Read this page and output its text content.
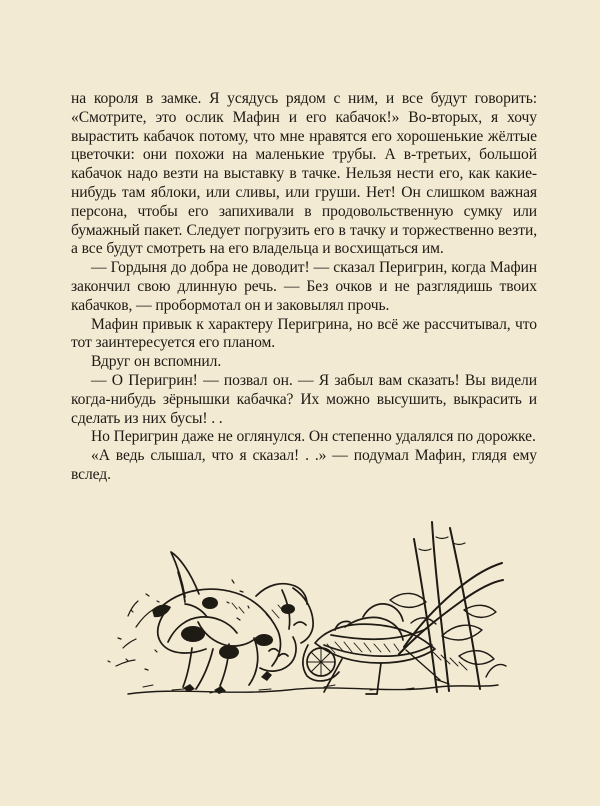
на короля в замке. Я усядусь рядом с ним, и все будут говорить: «Смотрите, это ослик Мафин и его кабачок!» Во-вторых, я хочу вырастить кабачок потому, что мне нравятся его хорошенькие жёлтые цветочки: они похожи на маленькие трубы. А в-третьих, большой кабачок надо везти на выставку в тачке. Нельзя нести его, как какие-нибудь там яблоки, или сливы, или груши. Нет! Он слишком важная персона, чтобы его запихивали в продовольственную сумку или бумажный пакет. Следует погрузить его в тачку и торжественно везти, а все будут смотреть на его владельца и восхищаться им.

— Гордыня до добра не доводит! — сказал Перигрин, когда Мафин закончил свою длинную речь. — Без очков и не разглядишь твоих кабачков, — пробормотал он и заковылял прочь.

Мафин привык к характеру Перигрина, но всё же рассчитывал, что тот заинтересуется его планом.

Вдруг он вспомнил.

— О Перигрин! — позвал он. — Я забыл вам сказать! Вы видели когда-нибудь зёрнышки кабачка? Их можно высушить, выкрасить и сделать из них бусы! . .

Но Перигрин даже не оглянулся. Он степенно удалялся по дорожке.

«А ведь слышал, что я сказал! . .» — подумал Мафин, глядя ему вслед.
